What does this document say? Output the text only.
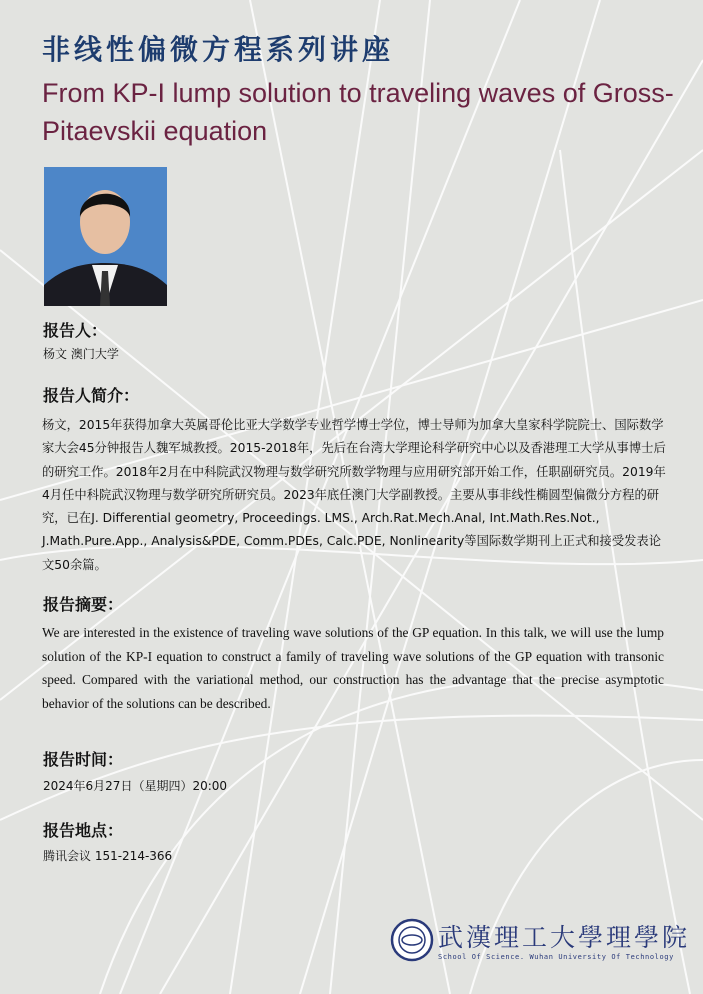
非线性偏微方程系列讲座
From KP-I lump solution to traveling waves of Gross-Pitaevskii equation
报告人：
杨文 澳门大学
报告人简介：
杨文，2015年获得加拿大英属哥伦比亚大学数学专业哲学博士学位，博士导师为加拿大皇家科学院院士、国际数学家大会45分钟报告人魏军城教授。2015-2018年，先后在台湾大学理论科学研究中心以及香港理工大学从事博士后的研究工作。2018年2月在中科院武汉物理与数学研究所数学物理与应用研究部开始工作，任职副研究员。2019年4月任中科院武汉物理与数学研究所研究员。2023年底任澳门大学副教授。主要从事非线性椭圆型偏微分方程的研究，已在J. Differential geometry, Proceedings. LMS., Arch.Rat.Mech.Anal, Int.Math.Res.Not., J.Math.Pure.App., Analysis&PDE, Comm.PDEs, Calc.PDE, Nonlinearity等国际数学期刊上正式和接受发表论文50余篇。
报告摘要：
We are interested in the existence of traveling wave solutions of the GP equation. In this talk, we will use the lump solution of the KP-I equation to construct a family of traveling wave solutions of the GP equation with transonic speed. Compared with the variational method, our construction has the advantage that the precise asymptotic behavior of the solutions can be described.
报告时间：
2024年6月27日（星期四）20:00
报告地点：
腾讯会议 151-214-366
武漢理工大學理學院
School Of Science. Wuhan University Of Technology
